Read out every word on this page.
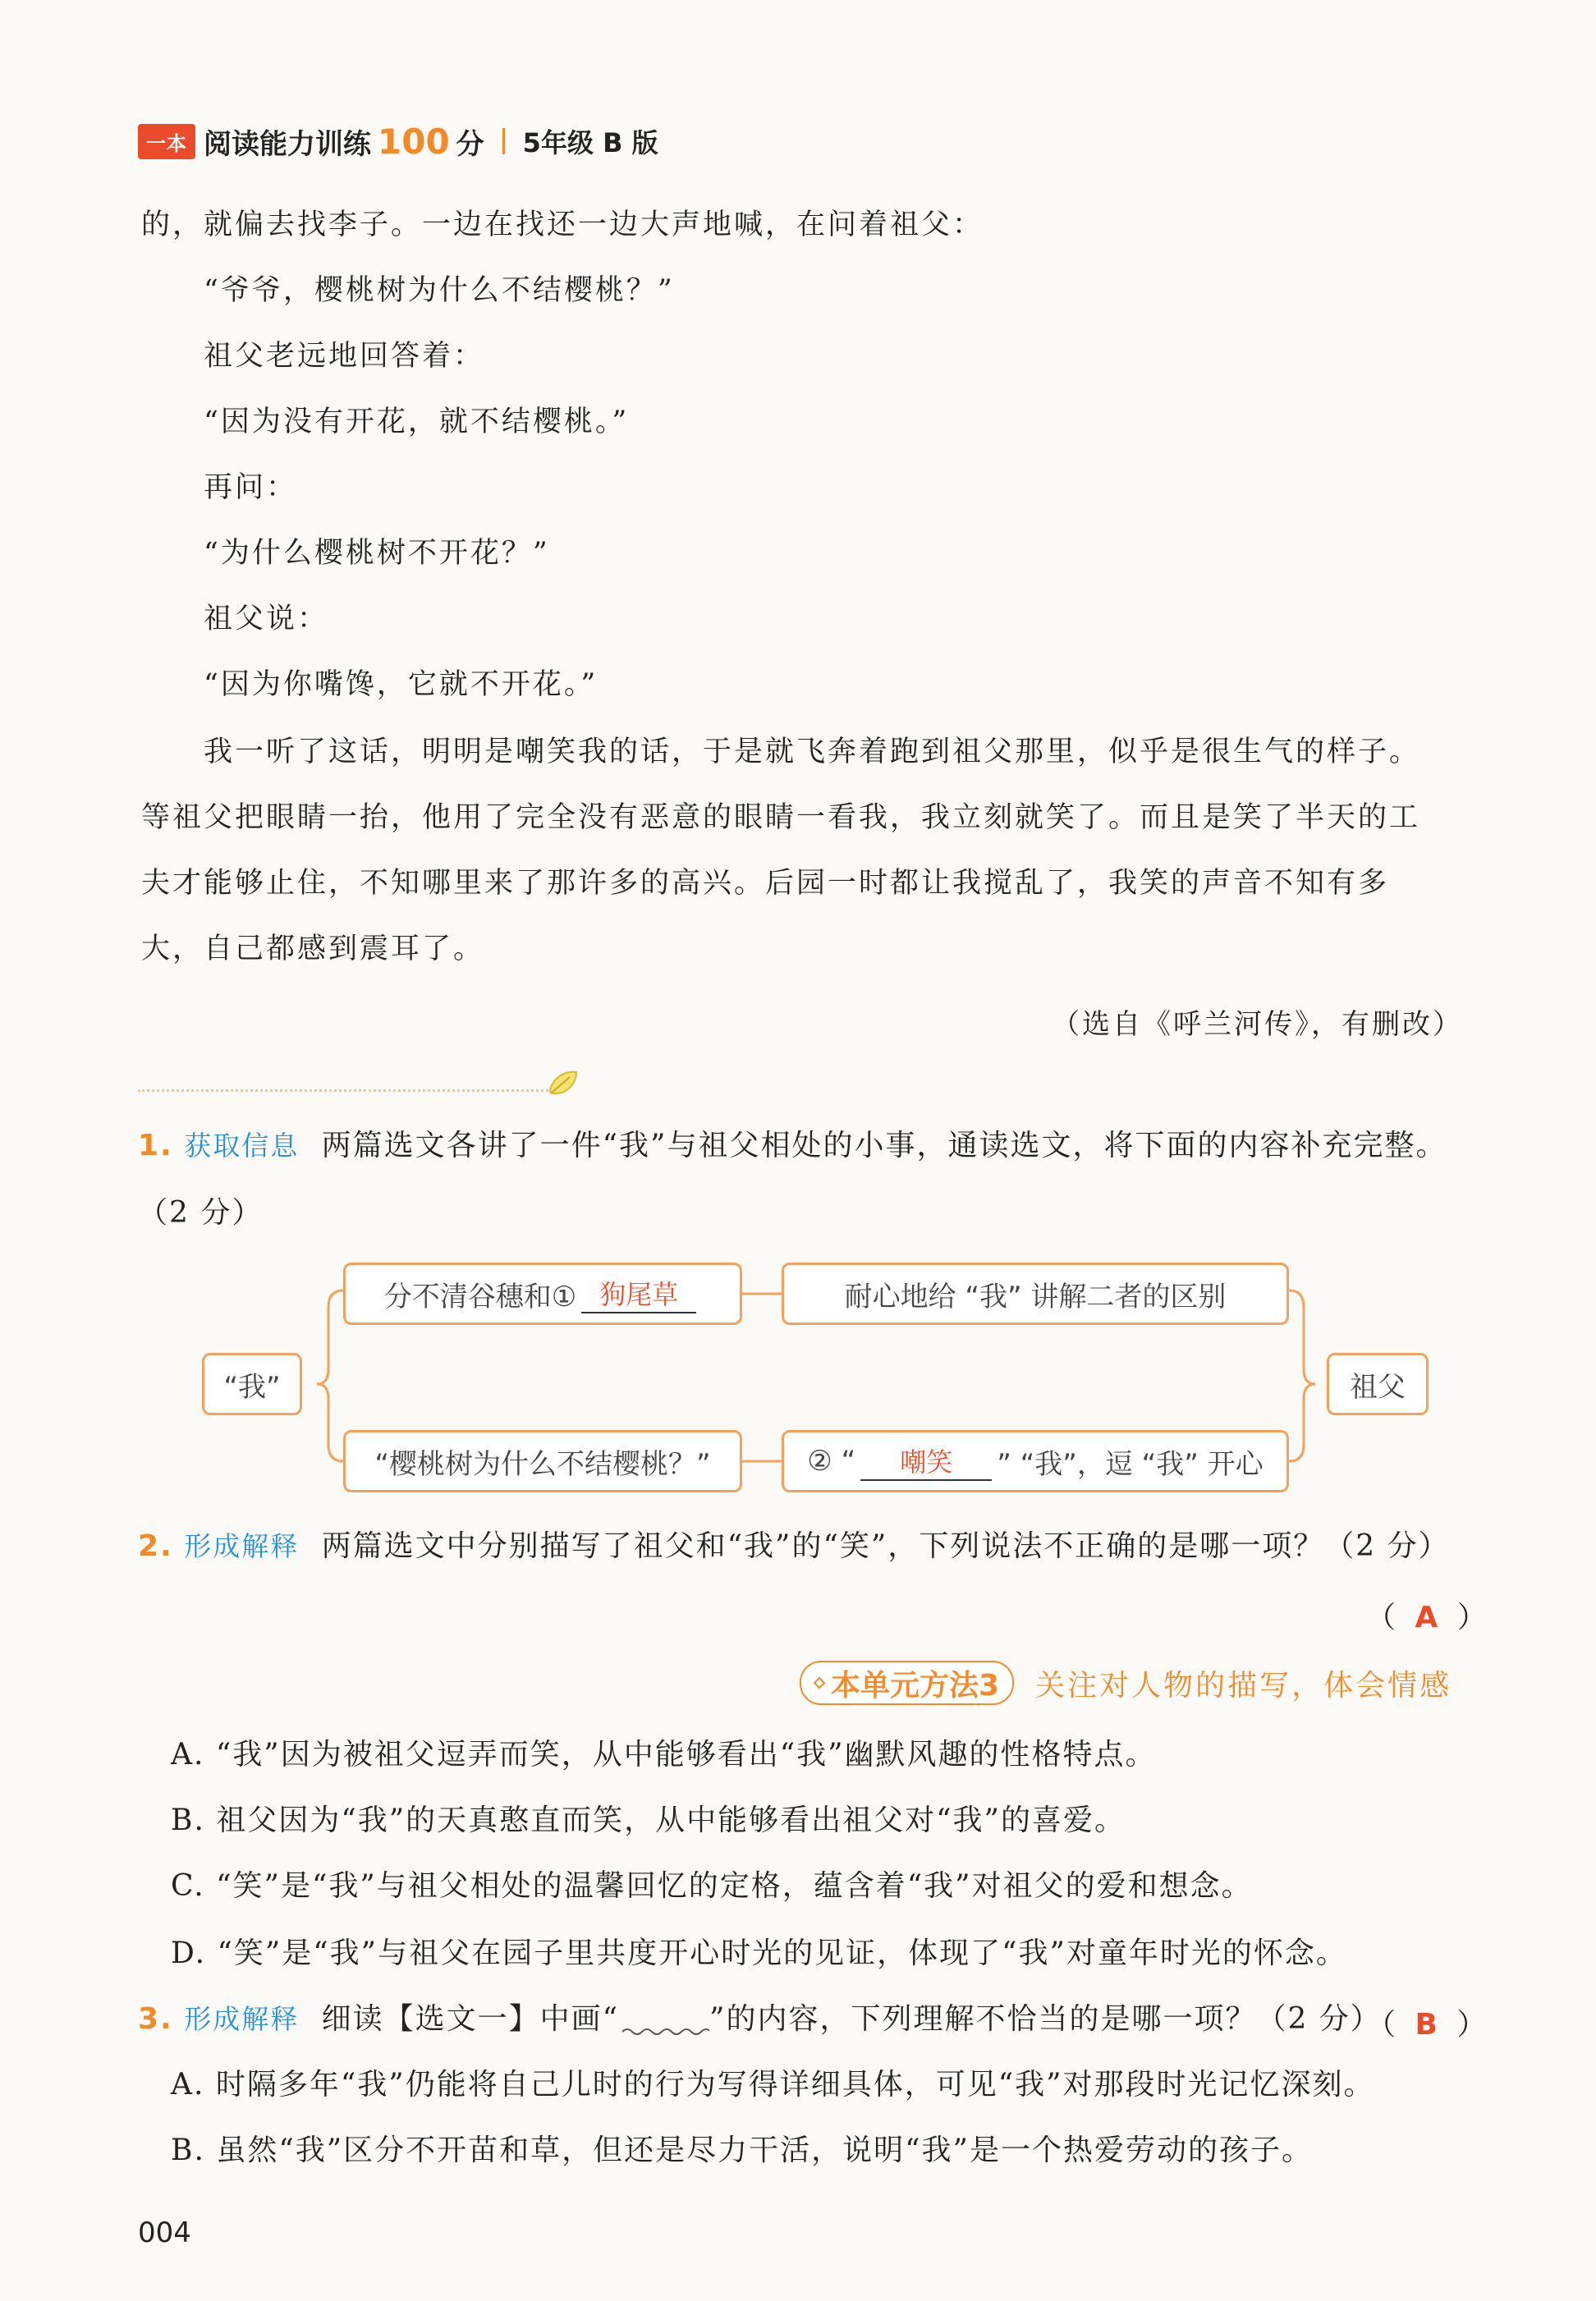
一本 阅读能力训练 100 分 5年级 B 版
的，就偏去找李子。一边在找还一边大声地喊，在问着祖父：
“爷爷，樱桃树为什么不结樱桃？”
祖父老远地回答着：
“因为没有开花，就不结樱桃。”
再问：
“为什么樱桃树不开花？”
祖父说：
“因为你嘴馋，它就不开花。”
我一听了这话，明明是嘲笑我的话，于是就飞奔着跑到祖父那里，似乎是很生气的样子。
等祖父把眼睛一抬，他用了完全没有恶意的眼睛一看我，我立刻就笑了。而且是笑了半天的工
夫才能够止住，不知哪里来了那许多的高兴。后园一时都让我搅乱了，我笑的声音不知有多
大，自己都感到震耳了。
（选自《呼兰河传》，有删改）
1. 获取信息 两篇选文各讲了一件“我”与祖父相处的小事，通读选文，将下面的内容补充完整。
（2 分）
“我”	祖父
分不清谷穗和① 狗尾草	耐心地给 “我” 讲解二者的区别
“樱桃树为什么不结樱桃？”	② “	嘲笑	” “我”，逗 “我” 开心
2. 形成解释 两篇选文中分别描写了祖父和“我”的“笑”，下列说法不正确的是哪一项？（2 分）
（ A ）
本单元方法3 关注对人物的描写，体会情感
A. “我”因为被祖父逗弄而笑，从中能够看出“我”幽默风趣的性格特点。
B. 祖父因为“我”的天真憨直而笑，从中能够看出祖父对“我”的喜爱。
C. “笑”是“我”与祖父相处的温馨回忆的定格，蕴含着“我”对祖父的爱和想念。
D. “笑”是“我”与祖父在园子里共度开心时光的见证，体现了“我”对童年时光的怀念。
3. 形成解释 细读【选文一】中画“	”的内容，下列理解不恰当的是哪一项？（2 分）
（ B ）
A. 时隔多年“我”仍能将自己儿时的行为写得详细具体，可见“我”对那段时光记忆深刻。
B. 虽然“我”区分不开苗和草，但还是尽力干活，说明“我”是一个热爱劳动的孩子。
004
